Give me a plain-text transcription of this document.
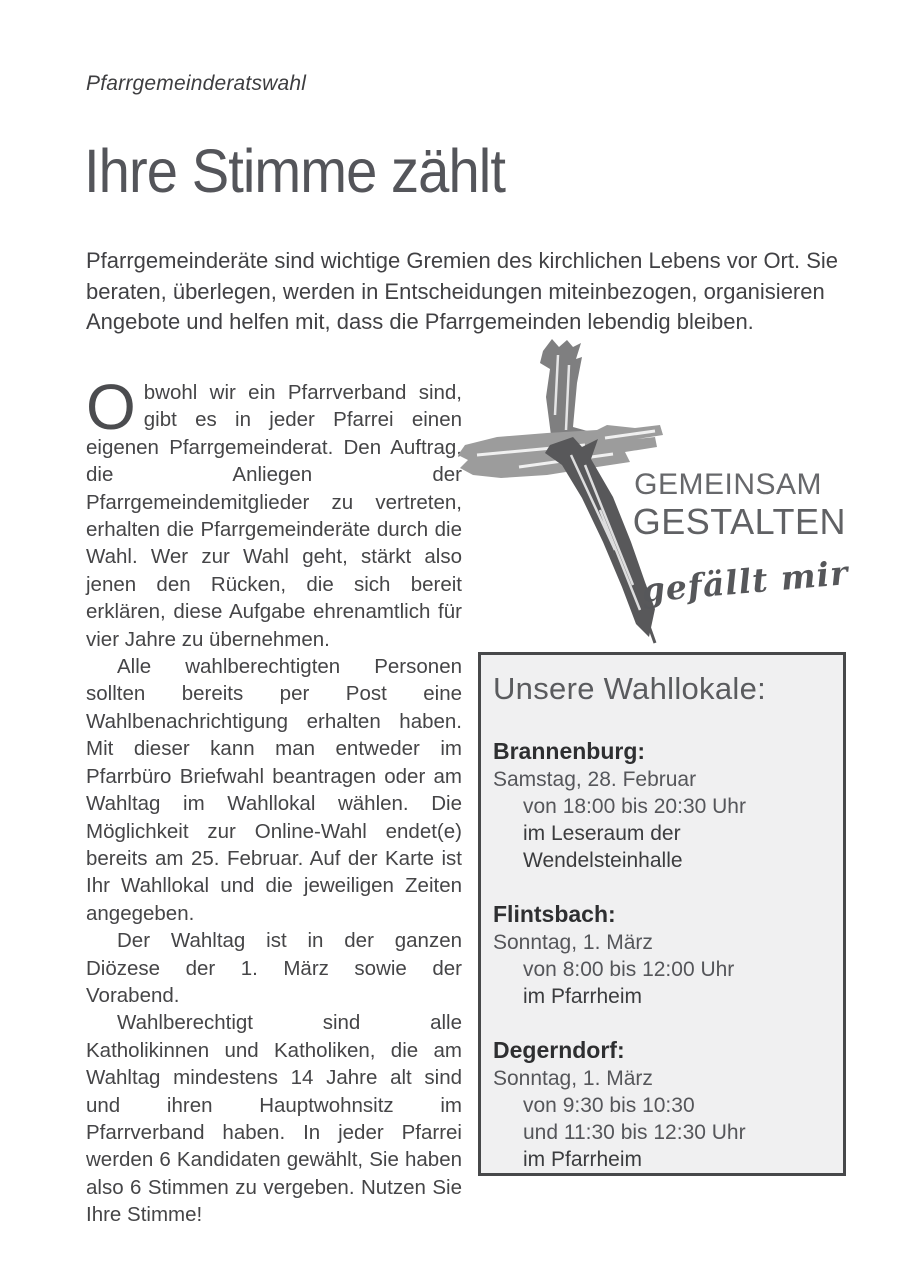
Pfarrgemeinderatswahl
Ihre Stimme zählt
Pfarrgemeinderäte sind wichtige Gremien des kirchlichen Lebens vor Ort. Sie beraten, überlegen, werden in Entscheidungen miteinbezogen, organisieren Angebote und helfen mit, dass die Pfarrgemeinden lebendig bleiben.

Obwohl wir ein Pfarrverband sind, gibt es in jeder Pfarrei einen eigenen Pfarrgemeinderat. Den Auftrag, die Anliegen der Pfarrgemeindemitglieder zu vertreten, erhalten die Pfarrgemeinderäte durch die Wahl. Wer zur Wahl geht, stärkt also jenen den Rücken, die sich bereit erklären, diese Aufgabe ehrenamtlich für vier Jahre zu übernehmen.

Alle wahlberechtigten Personen sollten bereits per Post eine Wahlbenachrichtigung erhalten haben. Mit dieser kann man entweder im Pfarrbüro Briefwahl beantragen oder am Wahltag im Wahllokal wählen. Die Möglichkeit zur Online-Wahl endet(e) bereits am 25. Februar. Auf der Karte ist Ihr Wahllokal und die jeweiligen Zeiten angegeben.

Der Wahltag ist in der ganzen Diözese der 1. März sowie der Vorabend.

Wahlberechtigt sind alle Katholikinnen und Katholiken, die am Wahltag mindestens 14 Jahre alt sind und ihren Hauptwohnsitz im Pfarrverband haben. In jeder Pfarrei werden 6 Kandidaten gewählt, Sie haben also 6 Stimmen zu vergeben. Nutzen Sie Ihre Stimme!

GEMEINSAM
GESTALTEN
gefällt mir
Unsere Wahllokale:
Brannenburg:
Samstag, 28. Februar
von 18:00 bis 20:30 Uhr
im Leseraum der
Wendelsteinhalle
Flintsbach:
Sonntag, 1. März
von 8:00 bis 12:00 Uhr
im Pfarrheim
Degerndorf:
Sonntag, 1. März
von 9:30 bis 10:30
und 11:30 bis 12:30 Uhr
im Pfarrheim
